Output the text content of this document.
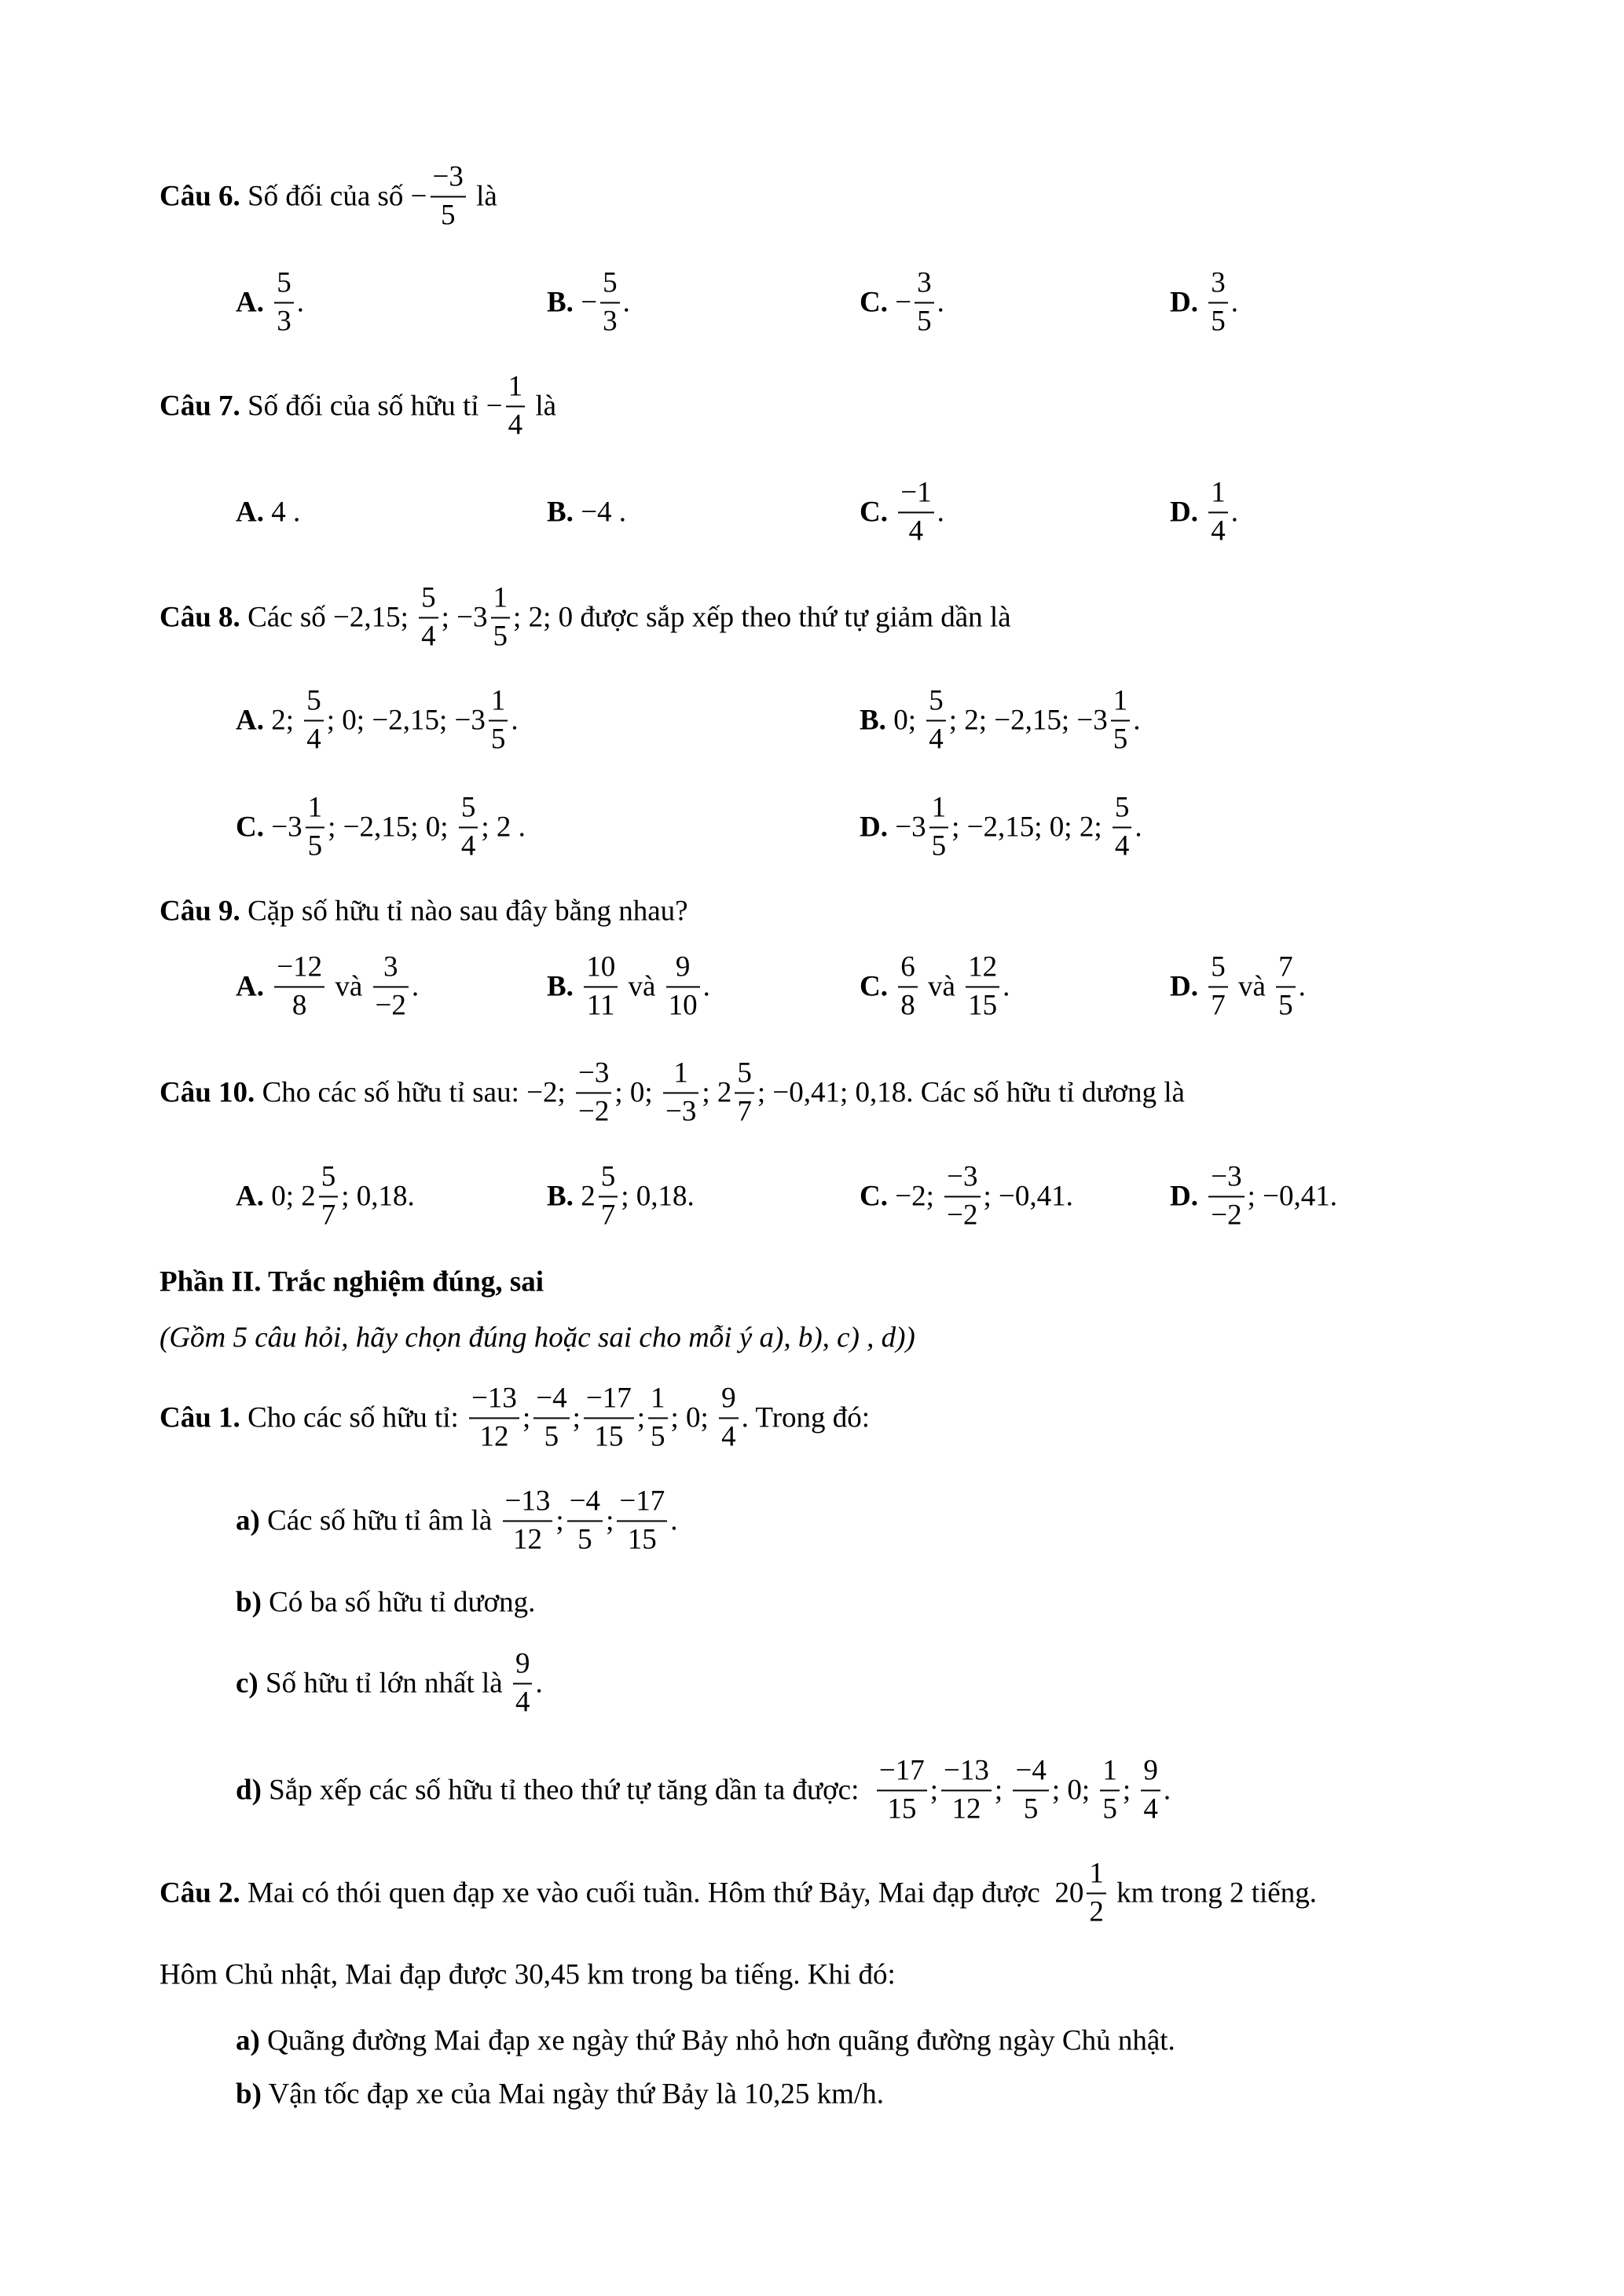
Câu 6. Số đối của số − $\frac{-3}{5}$ là
A.
$\frac{5}{3}$ .	B.
− $\frac{5}{3}$ .	C.
− $\frac{3}{5}$ .	D.
$\frac{3}{5}$ .
Câu 7. Số đối của số hữu tỉ − $\frac{1}{4}$ là
A.
4 .	B.
−4 .	C.
$\frac{-1}{4}$ .	D.
$\frac{1}{4}$ .
Câu 8. Các số −2,15; $\frac{5}{4}$ ; $-3 \frac{1}{5}$ ; 2; 0 được sắp xếp theo thứ tự giảm dần là
A.
2; $\frac{5}{4}$ ; 0; −2,15; $-3 \frac{1}{5}$ .	B.
0; $\frac{5}{4}$ ; 2; −2,15; $-3 \frac{1}{5}$ .
C.
$-3 \frac{1}{5}$ ; −2,15; 0; $\frac{5}{4}$ ; 2 .	D.
$-3 \frac{1}{5}$ ; −2,15; 0; 2; $\frac{5}{4}$ .
Câu 9. Cặp số hữu tỉ nào sau đây bằng nhau?
A.
$\frac{-12}{8}$ và $\frac{3}{-2}$ .	B.
$\frac{10}{11}$ và $\frac{9}{10}$ .	C.
$\frac{6}{8}$ và $\frac{12}{15}$ .	D.
$\frac{5}{7}$ và $\frac{7}{5}$ .
Câu 10. Cho các số hữu tỉ sau: −2; $\frac{-3}{-2}$ ; 0; $\frac{1}{-3}$ ; $2 \frac{5}{7}$ ; −0,41; 0,18. Các số hữu tỉ dương là
A.
0; $2 \frac{5}{7}$ ; 0,18.	B.
$2 \frac{5}{7}$ ; 0,18.	C.
−2; $\frac{-3}{-2}$ ; −0,41.	D.
$\frac{-3}{-2}$ ; −0,41.
Phần II. Trắc nghiệm đúng, sai
(Gồm 5 câu hỏi, hãy chọn đúng hoặc sai cho mỗi ý a), b), c) , d))
Câu 1. Cho các số hữu tỉ: $\frac{-13}{12}$ ; $\frac{-4}{5}$ ; $\frac{-17}{15}$ ; $\frac{1}{5}$ ; 0; $\frac{9}{4}$ . Trong đó:
a) Các số hữu tỉ âm là $\frac{-13}{12}$ ; $\frac{-4}{5}$ ; $\frac{-17}{15}$ .
b) Có ba số hữu tỉ dương.
c) Số hữu tỉ lớn nhất là $\frac{9}{4}$ .
d) Sắp xếp các số hữu tỉ theo thứ tự tăng dần ta được: $\frac{-17}{15}$ ; $\frac{-13}{12}$ ; $\frac{-4}{5}$ ; 0; $\frac{1}{5}$ ; $\frac{9}{4}$ .
Câu 2. Mai có thói quen đạp xe vào cuối tuần. Hôm thứ Bảy, Mai đạp được  $20 \frac{1}{2}$ km trong 2 tiếng.
Hôm Chủ nhật, Mai đạp được 30,45 km trong ba tiếng. Khi đó:
a) Quãng đường Mai đạp xe ngày thứ Bảy nhỏ hơn quãng đường ngày Chủ nhật.
b) Vận tốc đạp xe của Mai ngày thứ Bảy là 10,25 km/h.
